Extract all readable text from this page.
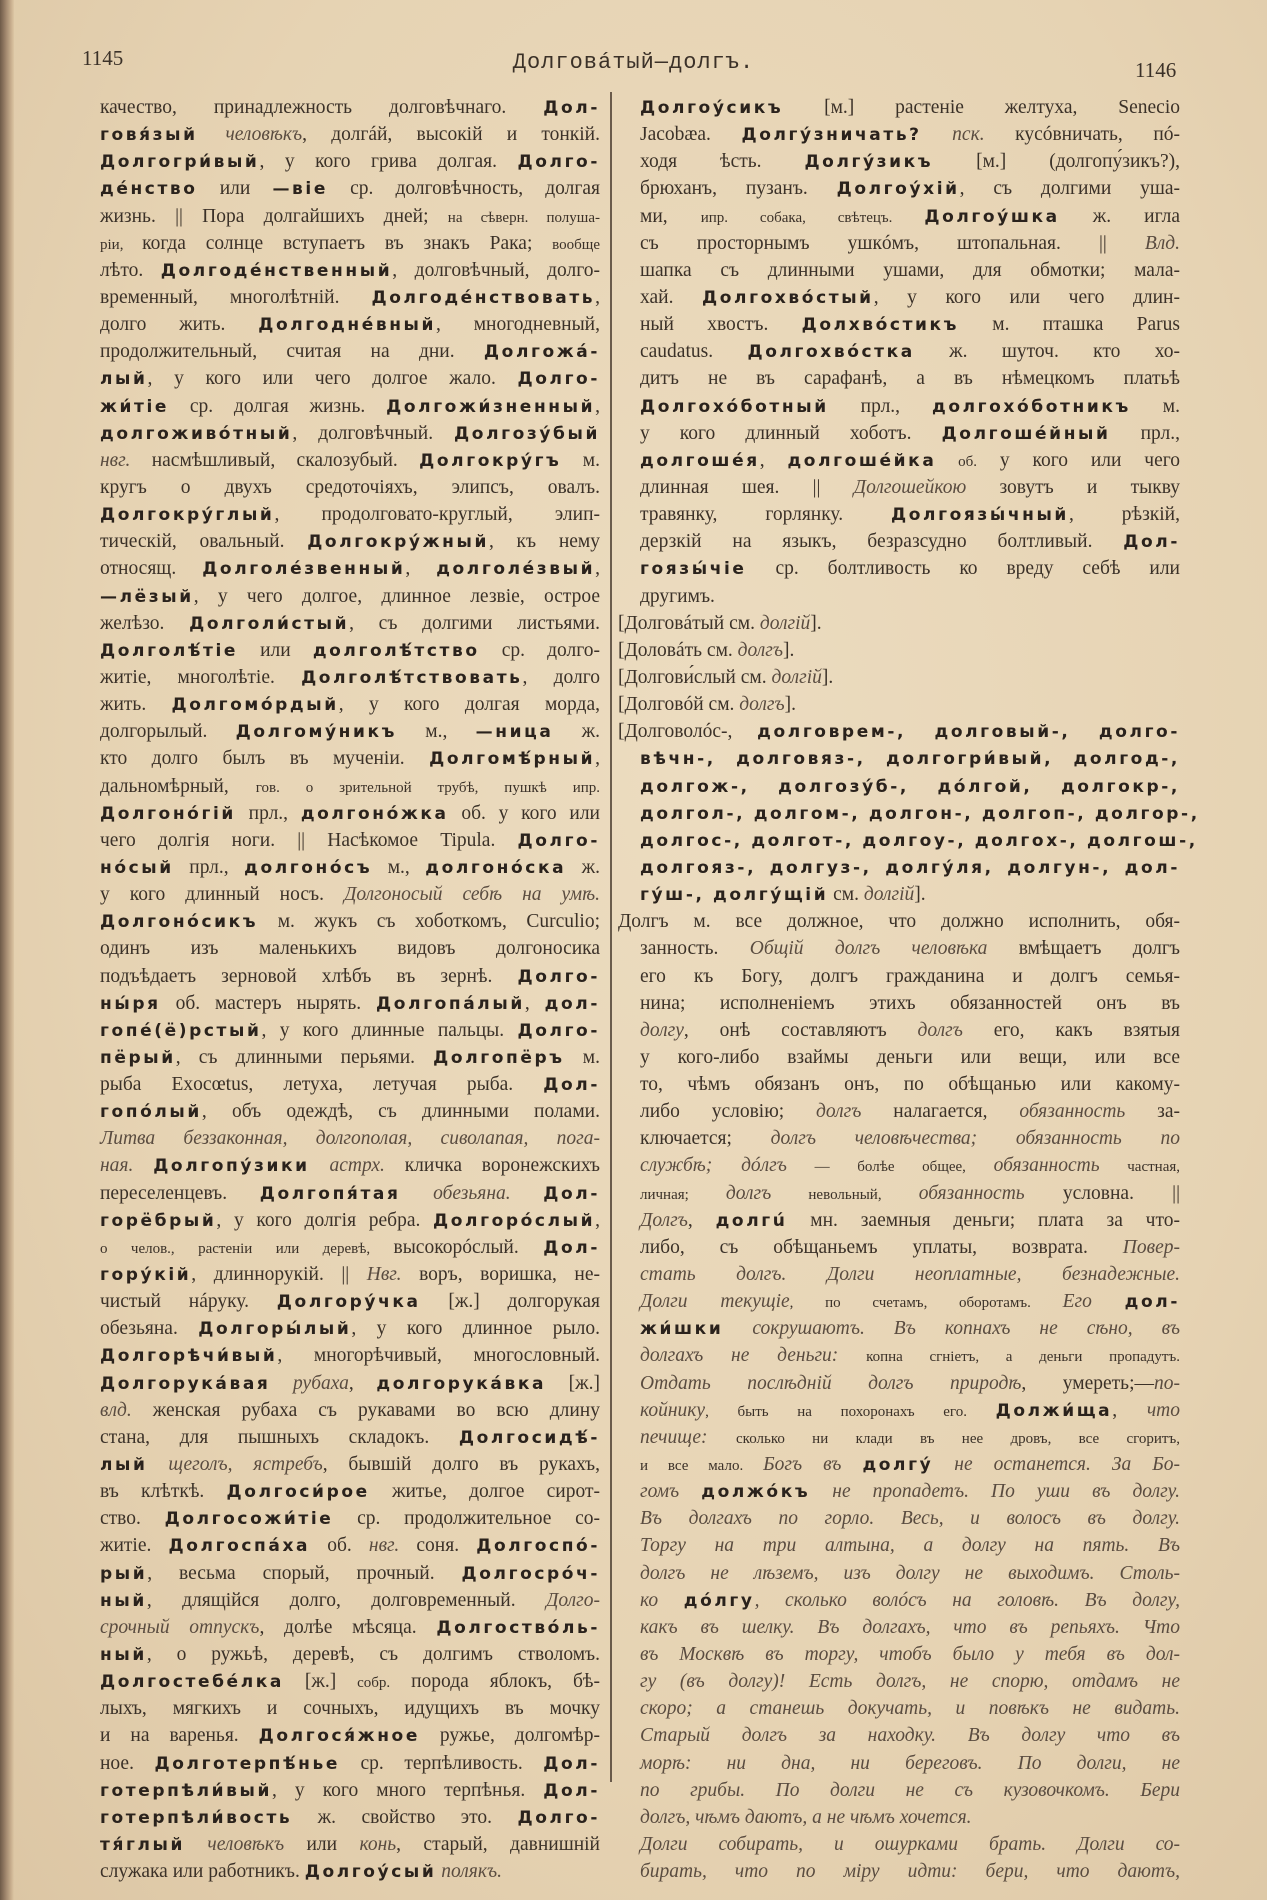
1145	Долговáтый—долгъ.	1146
качество, принадлежность долговѣчнаго. Дол-
говя́зый человѣкъ, долгáй, высокiй и тонкiй.
Долгогри́вый, у кого грива долгая. Долго-
дéнство или —вie ср. долговѣчность, долгая
жизнь. || Пора долгайшихъ дней; на сѣверн. полуша-
рiи, когда солнце вступаетъ въ знакъ Рака; вообще
лѣто. Долгодéнственный, долговѣчный, долго-
временный, многолѣтнiй. Долгодéнствовать,
долго жить. Долгоднéвный, многодневный,
продолжительный, считая на дни. Долгожá-
лый, у кого или чего долгое жало. Долго-
жи́тiе ср. долгая жизнь. Долгожи́зненный,
долгоживóтный, долговѣчный. Долгозу́бый
нвг. насмѣшливый, скалозубый. Долгокру́гъ м.
кругъ о двухъ средоточiяхъ, элипсъ, овалъ.
Долгокру́глый, продолговато-круглый, элип-
тическiй, овальный. Долгокру́жный, къ нему
относящ. Долголéзвенный, долголéзвый,
—лёзый, у чего долгое, длинное лезвie, острое
желѣзо. Долголи́стый, съ долгими листьями.
Долголѣ́тiе или долголѣ́тство ср. долго-
житiе, многолѣтiе. Долголѣ́тствовать, долго
жить. Долгомóрдый, у кого долгая морда,
долгорылый. Долгому́никъ м., —ница ж.
кто долго былъ въ мученiи. Долгомѣ́рный,
дальномѣрный, гов. о зрительной трубѣ, пушкѣ ипр.
Долгонóгiй прл., долгонóжка об. у кого или
чего долгiя ноги. || Насѣкомое Tipula. Долго-
нóсый прл., долгонóсъ м., долгонóска ж.
у кого длинный носъ. Долгоносый себѣ на умѣ.
Долгонóсикъ м. жукъ съ хоботкомъ, Curculio;
одинъ изъ маленькихъ видовъ долгоносика
подъѣдаетъ зерновой хлѣбъ въ зернѣ. Долго-
ны́ря об. мастеръ нырять. Долгопáлый, дол-
гопé(ё)рстый, у кого длинные пальцы. Долго-
пёрый, съ длинными перьями. Долгопёръ м.
рыба Exocœtus, летуха, летучая рыба. Дол-
гопóлый, объ одеждѣ, съ длинными полами.
Литва беззаконная, долгополая, сиволапая, пога-
ная. Долгопу́зики астрх. кличка воронежскихъ
переселенцевъ. Долгопя́тая обезьяна. Дол-
горёбрый, у кого долгiя ребра. Долгорóслый,
о челов., растенiи или деревѣ, высокорóслый. Дол-
гору́кiй, длиннорукiй. || Нвг. воръ, воришка, не-
чистый нáруку. Долгору́чка [ж.] долгорукая
обезьяна. Долгоры́лый, у кого длинное рыло.
Долгорѣчи́вый, многорѣчивый, многословный.
Долгорукáвая рубаха, долгорукáвка [ж.]
влд. женская рубаха съ рукавами во всю длину
стана, для пышныхъ складокъ. Долгосидѣ́-
лый щеголъ, ястребъ, бывшiй долго въ рукахъ,
въ клѣткѣ. Долгоси́рое житье, долгое сирот-
ство. Долгосожи́тiе ср. продолжительное со-
житiе. Долгоспáха об. нвг. соня. Долгоспó-
рый, весьма спорый, прочный. Долгосрóч-
ный, длящiйся долго, долговременный. Долго-
срочный отпускъ, долѣе мѣсяца. Долгоствóль-
ный, о ружьѣ, деревѣ, съ долгимъ стволомъ.
Долгостебéлка [ж.] собр. порода яблокъ, бѣ-
лыхъ, мягкихъ и сочныхъ, идущихъ въ мочку
и на варенья. Долгося́жное ружье, долгомѣр-
ное. Долготерпѣ́нье ср. терпѣливость. Дол-
готерпѣли́вый, у кого много терпѣнья. Дол-
готерпѣли́вость ж. свойство это. Долго-
тя́глый человѣкъ или конь, старый, давнишнiй
служака или работникъ. Долгоу́сый полякъ.
Долгоу́сикъ [м.] растенiе желтуха, Senecio
Jacobæa. Долгу́зничать? пск. кусóвничать, пó-
ходя ѣсть. Долгу́зикъ [м.] (долгопу́зикъ?),
брюханъ, пузанъ. Долгоу́хiй, съ долгими уша-
ми, ипр. собака, свѣтецъ. Долгоу́шка ж. игла
съ просторнымъ ушкóмъ, штопальная. || Влд.
шапка съ длинными ушами, для обмотки; мала-
хай. Долгохвóстый, у кого или чего длин-
ный хвостъ. Долхвóстикъ м. пташка Parus
caudatus. Долгохвóстка ж. шуточ. кто хо-
дитъ не въ сарафанѣ, а въ нѣмецкомъ платьѣ
Долгохóботный прл., долгохóботникъ м.
у кого длинный хоботъ. Долгошéйный прл.,
долгошéя, долгошéйка об. у кого или чего
длинная шея. || Долгошейкою зовутъ и тыкву
травянку, горлянку. Долгоязы́чный, рѣзкiй,
дерзкiй на языкъ, безразсудно болтливый. Дол-
гоязы́чiе ср. болтливость ко вреду себѣ или
другимъ.
[Долговáтый см. долгiй].
[Доловáть см. долгъ].
[Долгови́слый см. долгiй].
[Долговóй см. долгъ].
[Долговолóс-, долговрем-, долговый-, долго-
вѣчн-, долговяз-, долгогри́вый, долгод-,
долгож-, долгозу́б-, дóлгой, долгокр-,
долгол-, долгом-, долгон-, долгоп-, долгор-,
долгос-, долгот-, долгоу-, долгох-, долгош-,
долгояз-, долгуз-, долгу́ля, долгун-, дол-
гу́ш-, долгу́щiй см. долгiй].
Долгъ м. все должное, что должно исполнить, обя-
занность. Общiй долгъ человѣка вмѣщаетъ долгъ
его къ Богу, долгъ гражданина и долгъ семья-
нина; исполненiемъ этихъ обязанностей онъ въ
долгу, онѣ составляютъ долгъ его, какъ взятыя
у кого-либо взаймы деньги или вещи, или все
то, чѣмъ обязанъ онъ, по обѣщанью или какому-
либо условiю; долгъ налагается, обязанность за-
ключается; долгъ человѣчества; обязанность по
службѣ; дóлгъ — болѣе общее, обязанность частная,
личная; долгъ невольный, обязанность условна. ||
Долгъ, долгú мн. заемныя деньги; плата за что-
либо, съ обѣщаньемъ уплаты, возврата. Повер-
стать долгъ. Долги неоплатные, безнадежные.
Долги текущiе, по счетамъ, оборотамъ. Его дол-
жи́шки сокрушаютъ. Въ копнахъ не сѣно, въ
долгахъ не деньги: копна сгнiетъ, а деньги пропадутъ.
Отдать послѣднiй долгъ природѣ, умереть;—по-
койнику, быть на похоронахъ его. Должи́ща, что
печище: сколько ни клади въ нее дровъ, все сгоритъ,
и все мало. Богъ въ долгу́ не останется. За Бо-
гомъ должóкъ не пропадетъ. По уши въ долгу.
Въ долгахъ по горло. Весь, и волосъ въ долгу.
Торгу на три алтына, а долгу на пять. Въ
долгъ не лѣземъ, изъ долгу не выходимъ. Столь-
ко дóлгу, сколько волóсъ на головѣ. Въ долгу,
какъ въ шелку. Въ долгахъ, что въ репьяхъ. Что
въ Москвѣ въ торгу, чтобъ было у тебя въ дол-
гу (въ долгу)! Есть долгъ, не спорю, отдамъ не
скоро; а станешь докучать, и повѣкъ не видать.
Старый долгъ за находку. Въ долгу что въ
морѣ: ни дна, ни береговъ. По долги, не
по грибы. По долги не съ кузовочкомъ. Бери
долгъ, чѣмъ даютъ, а не чѣмъ хочется.
Долги собирать, и ошурками брать. Долги со-
бирать, что по мiру идти: бери, что даютъ,
